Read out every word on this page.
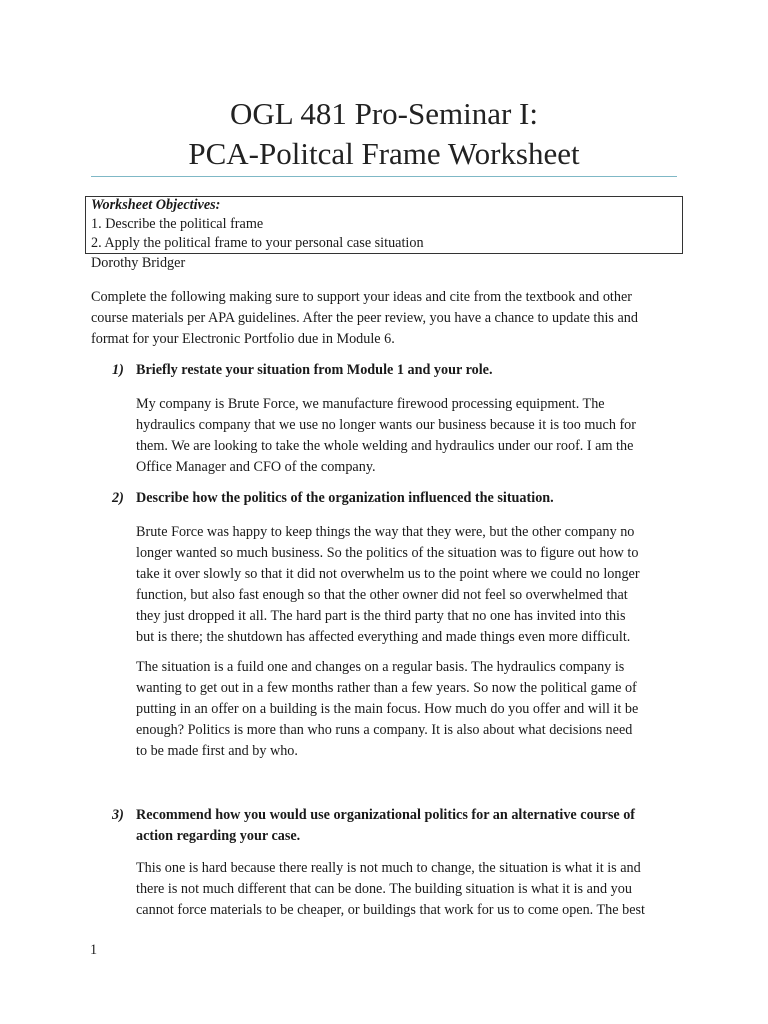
OGL 481 Pro-Seminar I:
PCA-Politcal Frame Worksheet
Worksheet Objectives:
1. Describe the political frame
2. Apply the political frame to your personal case situation
Dorothy Bridger
Complete the following making sure to support your ideas and cite from the textbook and other
course materials per APA guidelines. After the peer review, you have a chance to update this and
format for your Electronic Portfolio due in Module 6.
1) Briefly restate your situation from Module 1 and your role.
My company is Brute Force, we manufacture firewood processing equipment. The
hydraulics company that we use no longer wants our business because it is too much for
them. We are looking to take the whole welding and hydraulics under our roof. I am the
Office Manager and CFO of the company.
2) Describe how the politics of the organization influenced the situation.
Brute Force was happy to keep things the way that they were, but the other company no
longer wanted so much business. So the politics of the situation was to figure out how to
take it over slowly so that it did not overwhelm us to the point where we could no longer
function, but also fast enough so that the other owner did not feel so overwhelmed that
they just dropped it all. The hard part is the third party that no one has invited into this
but is there; the shutdown has affected everything and made things even more difficult.
The situation is a fuild one and changes on a regular basis. The hydraulics company is
wanting to get out in a few months rather than a few years. So now the political game of
putting in an offer on a building is the main focus. How much do you offer and will it be
enough? Politics is more than who runs a company. It is also about what decisions need
to be made first and by who.
3) Recommend how you would use organizational politics for an alternative course of
action regarding your case.
This one is hard because there really is not much to change, the situation is what it is and
there is not much different that can be done. The building situation is what it is and you
cannot force materials to be cheaper, or buildings that work for us to come open. The best
1
